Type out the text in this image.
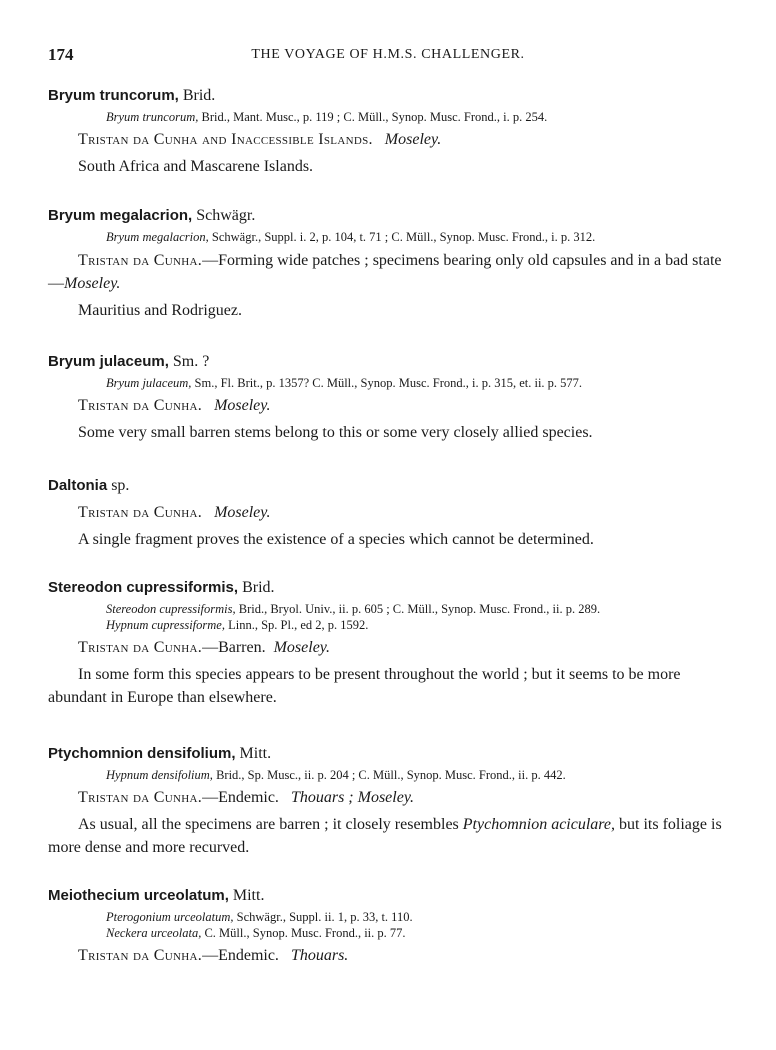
174	THE VOYAGE OF H.M.S. CHALLENGER.

Bryum truncorum, Brid.

Bryum truncorum, Brid., Mant. Musc., p. 119 ; C. Müll., Synop. Musc. Frond., i. p. 254.
Tristan da Cunha and Inaccessible Islands. Moseley.

South Africa and Mascarene Islands.

Bryum megalacrion, Schwägr.

Bryum megalacrion, Schwägr., Suppl. i. 2, p. 104, t. 71 ; C. Müll., Synop. Musc. Frond., i. p. 312.

Tristan da Cunha.—Forming wide patches ; specimens bearing only old capsules and in a bad state—Moseley.

Mauritius and Rodriguez.

Bryum julaceum, Sm. ?

Bryum julaceum, Sm., Fl. Brit., p. 1357? C. Müll., Synop. Musc. Frond., i. p. 315, et. ii. p. 577.
Tristan da Cunha. Moseley.

Some very small barren stems belong to this or some very closely allied species.

Daltonia sp.

Tristan da Cunha. Moseley.

A single fragment proves the existence of a species which cannot be determined.

Stereodon cupressiformis, Brid.

Stereodon cupressiformis, Brid., Bryol. Univ., ii. p. 605 ; C. Müll., Synop. Musc. Frond., ii. p. 289.
Hypnum cupressiforme, Linn., Sp. Pl., ed 2, p. 1592.
Tristan da Cunha.—Barren.  Moseley.

In some form this species appears to be present throughout the world ; but it seems to be more abundant in Europe than elsewhere.

Ptychomnion densifolium, Mitt.

Hypnum densifolium, Brid., Sp. Musc., ii. p. 204 ; C. Müll., Synop. Musc. Frond., ii. p. 442.
Tristan da Cunha.—Endemic.   Thouars ; Moseley.

As usual, all the specimens are barren ; it closely resembles Ptychomnion aciculare, but its foliage is more dense and more recurved.

Meiothecium urceolatum, Mitt.

Pterogonium urceolatum, Schwägr., Suppl. ii. 1, p. 33, t. 110.
Neckera urceolata, C. Müll., Synop. Musc. Frond., ii. p. 77.
Tristan da Cunha.—Endemic.   Thouars.
